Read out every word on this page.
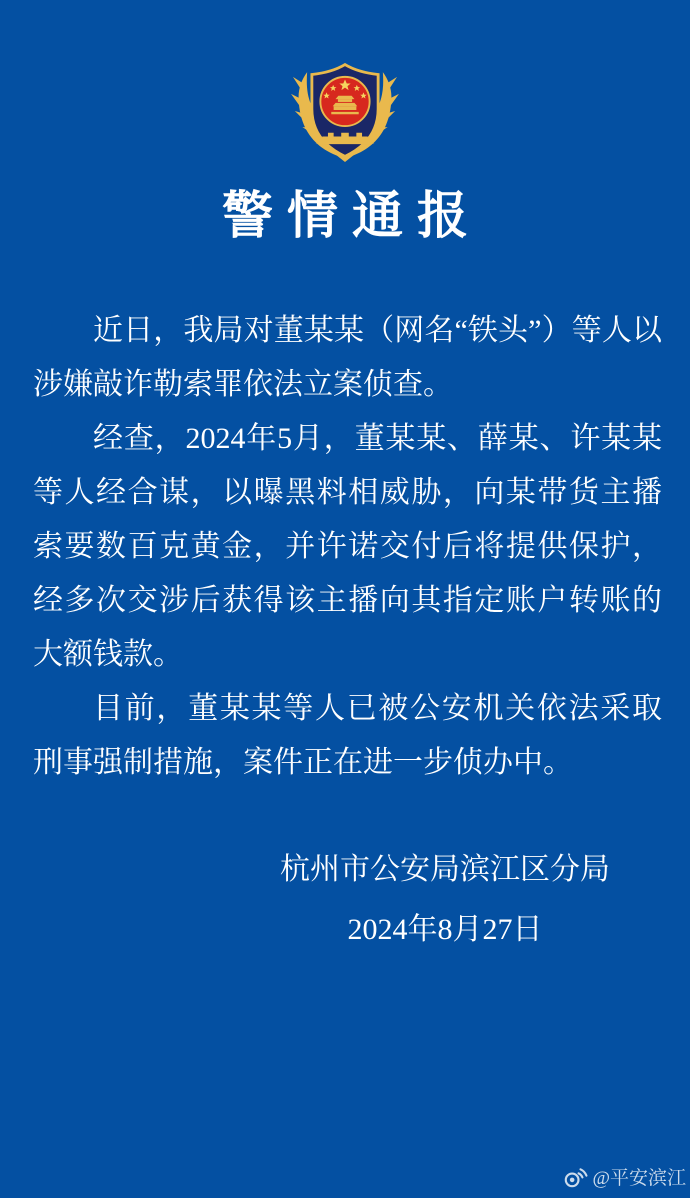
警情通报

近日，我局对董某某（网名“铁头”）等人以涉嫌敲诈勒索罪依法立案侦查。

经查，2024年5月，董某某、薛某、许某某等人经合谋，以曝黑料相威胁，向某带货主播索要数百克黄金，并许诺交付后将提供保护，经多次交涉后获得该主播向其指定账户转账的大额钱款。

目前，董某某等人已被公安机关依法采取刑事强制措施，案件正在进一步侦办中。

杭州市公安局滨江区分局
2024年8月27日
@平安滨江
